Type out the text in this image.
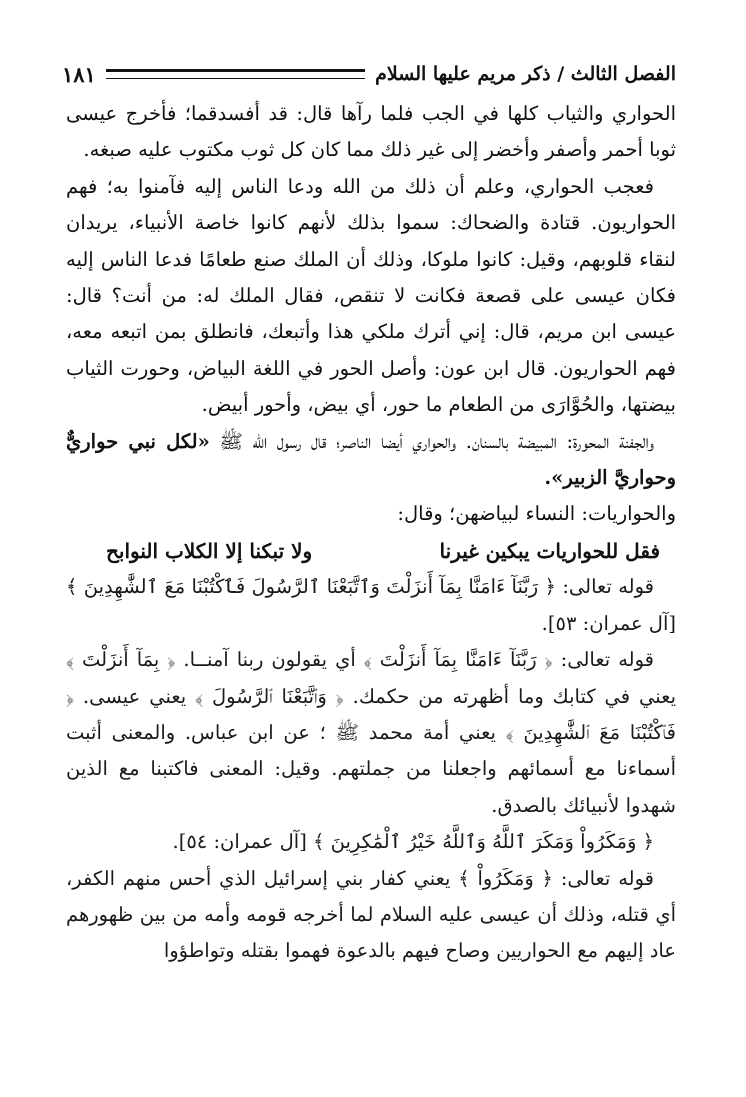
الفصل الثالث / ذكر مريم عليها السلام
١٨١

الحواري والثياب كلها في الجب فلما رآها قال: قد أفسدقما؛ فأخرج عيسى ثوبا أحمر وأصفر وأخضر إلى غير ذلك مما كان كل ثوب مكتوب عليه صبغه.

فعجب الحواري، وعلم أن ذلك من الله ودعا الناس إليه فآمنوا به؛ فهم الحواريون. قتادة والضحاك: سموا بذلك لأنهم كانوا خاصة الأنبياء، يريدان لنقاء قلوبهم، وقيل: كانوا ملوكا، وذلك أن الملك صنع طعامًا فدعا الناس إليه فكان عيسى على قصعة فكانت لا تنقص، فقال الملك له: من أنت؟ قال: عيسى ابن مريم، قال: إني أترك ملكي هذا وأتبعك، فانطلق بمن اتبعه معه، فهم الحواريون. قال ابن عون: وأصل الحور في اللغة البياض، وحورت الثياب بيضتها، والحُوَّارَى من الطعام ما حور، أي بيض، وأحور أبيض.

والجفنة المحورة: المبيضة بالسنان. والحواري أيضا الناصر؛ قال رسول الله ﷺ «لكل نبي حواريٌّ وحواريَّ الزبير».

والحواريات: النساء لبياضهن؛ وقال:

فقل للحواريات يبكين غيرنا
ولا تبكنا إلا الكلاب النوابح

قوله تعالى: ﴿ رَبَّنَآ ءَامَنَّا بِمَآ أَنزَلْتَ وَٱتَّبَعْنَا ٱلرَّسُولَ فَٱكْتُبْنَا مَعَ ٱلشَّٰهِدِينَ ﴾ [آل عمران: ٥٣].

قوله تعالى: ﴿ رَبَّنَآ ءَامَنَّا بِمَآ أَنزَلْتَ ﴾ أي يقولون ربنا آمنــا. ﴿ بِمَآ أَنزَلْتَ ﴾ يعني في كتابك وما أظهرته من حكمك. ﴿ وَٱتَّبَعْنَا ٱلرَّسُولَ ﴾ يعني عيسى. ﴿ فَٱكْتُبْنَا مَعَ ٱلشَّٰهِدِينَ ﴾ يعني أمة محمد ﷺ ؛ عن ابن عباس. والمعنى أثبت أسماءنا مع أسمائهم واجعلنا من جملتهم. وقيل: المعنى فاكتبنا مع الذين شهدوا لأنبيائك بالصدق.

﴿ وَمَكَرُواْ وَمَكَرَ ٱللَّهُ وَٱللَّهُ خَيْرُ ٱلْمَٰكِرِينَ ﴾ [آل عمران: ٥٤].

قوله تعالى: ﴿ وَمَكَرُواْ ﴾ يعني كفار بني إسرائيل الذي أحس منهم الكفر، أي قتله، وذلك أن عيسى عليه السلام لما أخرجه قومه وأمه من بين ظهورهم عاد إليهم مع الحواريين وصاح فيهم بالدعوة فهموا بقتله وتواطؤوا
